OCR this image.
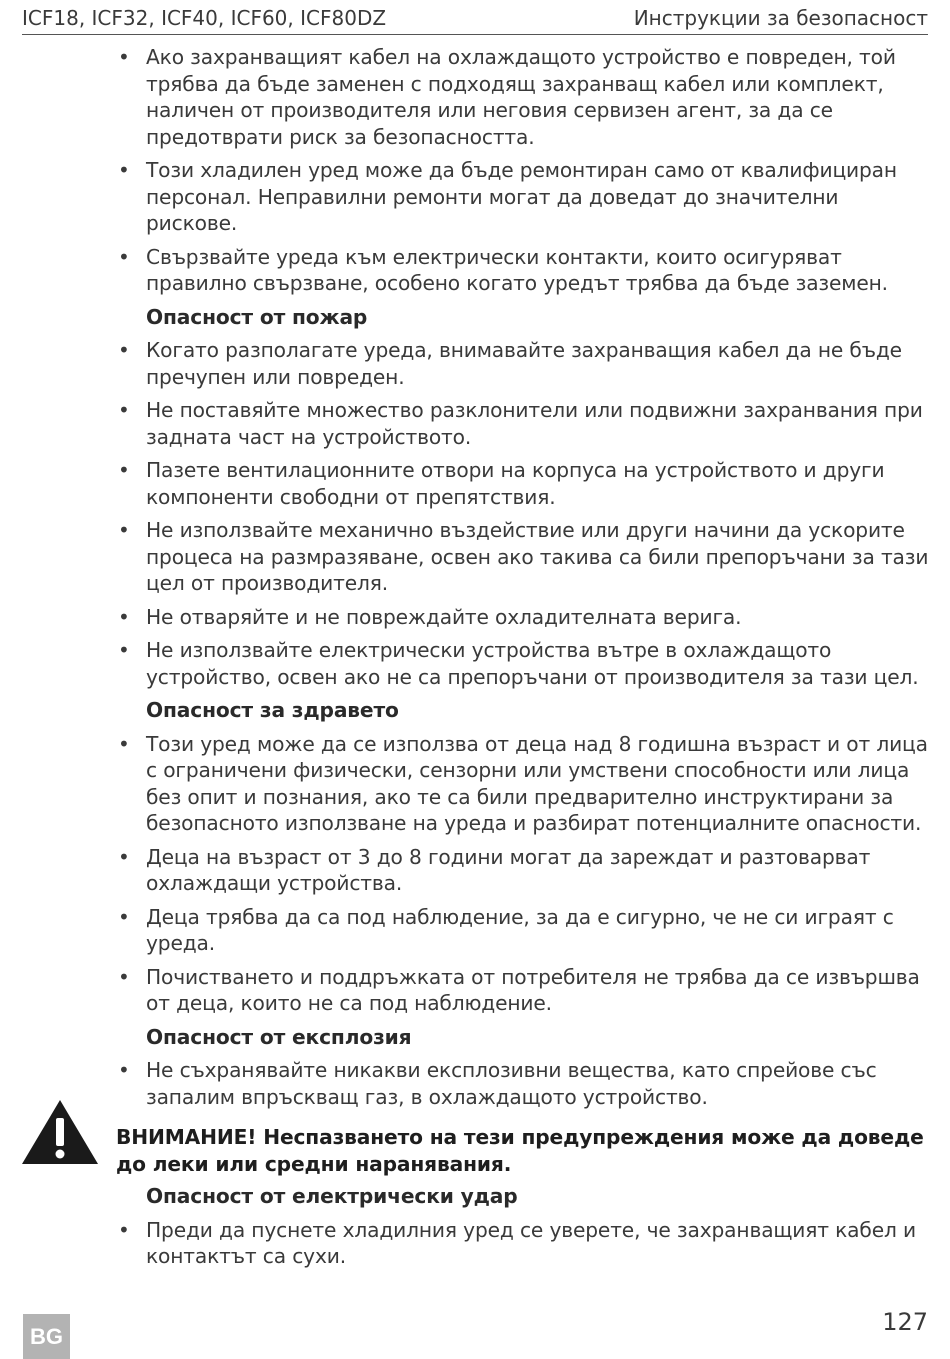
ICF18, ICF32, ICF40, ICF60, ICF80DZ	Инструкции за безопасност
• Ако захранващият кабел на охлаждащото устройство е повреден, той трябва да бъде заменен с подходящ захранващ кабел или комплект, наличен от производителя или неговия сервизен агент, за да се предотврати риск за безопасността.
• Този хладилен уред може да бъде ремонтиран само от квалифициран персонал. Неправилни ремонти могат да доведат до значителни рискове.
• Свързвайте уреда към електрически контакти, които осигуряват правилно свързване, особено когато уредът трябва да бъде заземен.
Опасност от пожар
• Когато разполагате уреда, внимавайте захранващия кабел да не бъде пречупен или повреден.
• Не поставяйте множество разклонители или подвижни захранвания при задната част на устройството.
• Пазете вентилационните отвори на корпуса на устройството и други компоненти свободни от препятствия.
• Не използвайте механично въздействие или други начини да ускорите процеса на размразяване, освен ако такива са били препоръчани за тази цел от производителя.
• Не отваряйте и не повреждайте охладителната верига.
• Не използвайте електрически устройства вътре в охлаждащото устройство, освен ако не са препоръчани от производителя за тази цел.
Опасност за здравето
• Този уред може да се използва от деца над 8 годишна възраст и от лица с ограничени физически, сензорни или умствени способности или лица без опит и познания, ако те са били предварително инструктирани за безопасното използване на уреда и разбират потенциалните опасности.
• Деца на възраст от 3 до 8 години могат да зареждат и разтоварват охлаждащи устройства.
• Деца трябва да са под наблюдение, за да е сигурно, че не си играят с уреда.
• Почистването и поддръжката от потребителя не трябва да се извършва от деца, които не са под наблюдение.
Опасност от експлозия
• Не съхранявайте никакви експлозивни вещества, като спрейове със запалим впръскващ газ, в охлаждащото устройство.
ВНИМАНИЕ! Неспазването на тези предупреждения може да доведе до леки или средни наранявания.
Опасност от електрически удар
• Преди да пуснете хладилния уред се уверете, че захранващият кабел и контактът са сухи.
BG	127
